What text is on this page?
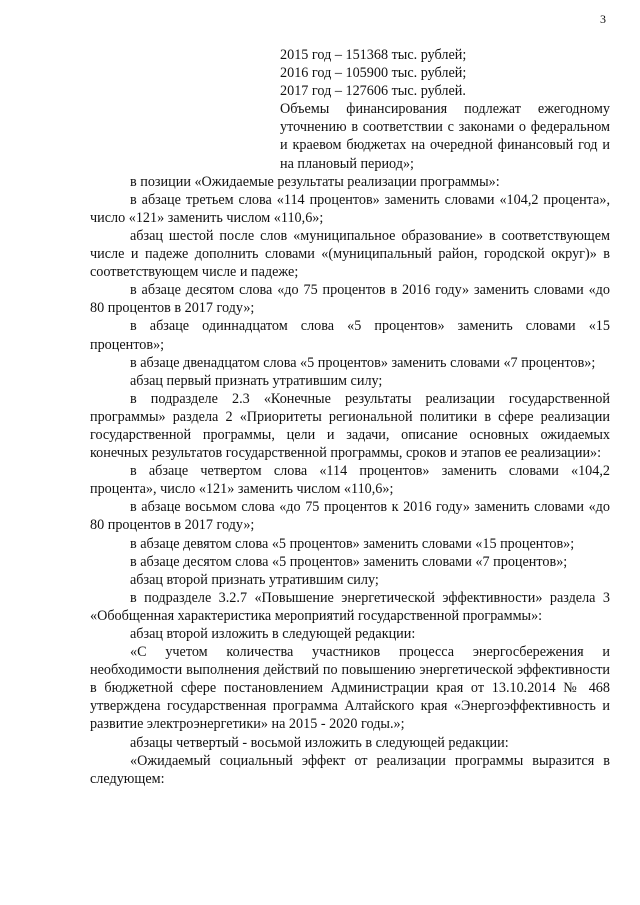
3

2015 год – 151368 тыс. рублей;

2016 год – 105900 тыс. рублей;

2017 год – 127606 тыс. рублей.

Объемы финансирования подлежат ежегодному уточнению в соответствии с законами о федеральном и краевом бюджетах на очередной финансовый год и на плановый период»;

в позиции «Ожидаемые результаты реализации программы»:

в абзаце третьем слова «114 процентов» заменить словами «104,2 процента», число «121» заменить числом «110,6»;

абзац шестой после слов «муниципальное образование» в соответствующем числе и падеже дополнить словами «(муниципальный район, городской округ)» в соответствующем числе и падеже;

в абзаце десятом слова «до 75 процентов в 2016 году» заменить словами «до 80 процентов в 2017 году»;

в абзаце одиннадцатом слова «5 процентов» заменить словами «15 процентов»;

в абзаце двенадцатом слова «5 процентов» заменить словами «7 процентов»;

абзац первый признать утратившим силу;

в подразделе 2.3 «Конечные результаты реализации государственной программы» раздела 2 «Приоритеты региональной политики в сфере реализации государственной программы, цели и задачи, описание основных ожидаемых конечных результатов государственной программы, сроков и этапов ее реализации»:

в абзаце четвертом слова «114 процентов» заменить словами «104,2 процента», число «121» заменить числом «110,6»;

в абзаце восьмом слова «до 75 процентов к 2016 году» заменить словами «до 80 процентов в 2017 году»;

в абзаце девятом слова «5 процентов» заменить словами «15 процентов»;

в абзаце десятом слова «5 процентов» заменить словами «7 процентов»;

абзац второй признать утратившим силу;

в подразделе 3.2.7 «Повышение энергетической эффективности» раздела 3 «Обобщенная характеристика мероприятий государственной программы»:

абзац второй изложить в следующей редакции:

«С учетом количества участников процесса энергосбережения и необходимости выполнения действий по повышению энергетической эффективности в бюджетной сфере постановлением Администрации края от 13.10.2014 № 468 утверждена государственная программа Алтайского края «Энергоэффективность и развитие электроэнергетики» на 2015 - 2020 годы.»;

абзацы четвертый - восьмой изложить в следующей редакции:

«Ожидаемый социальный эффект от реализации программы выразится в следующем:
